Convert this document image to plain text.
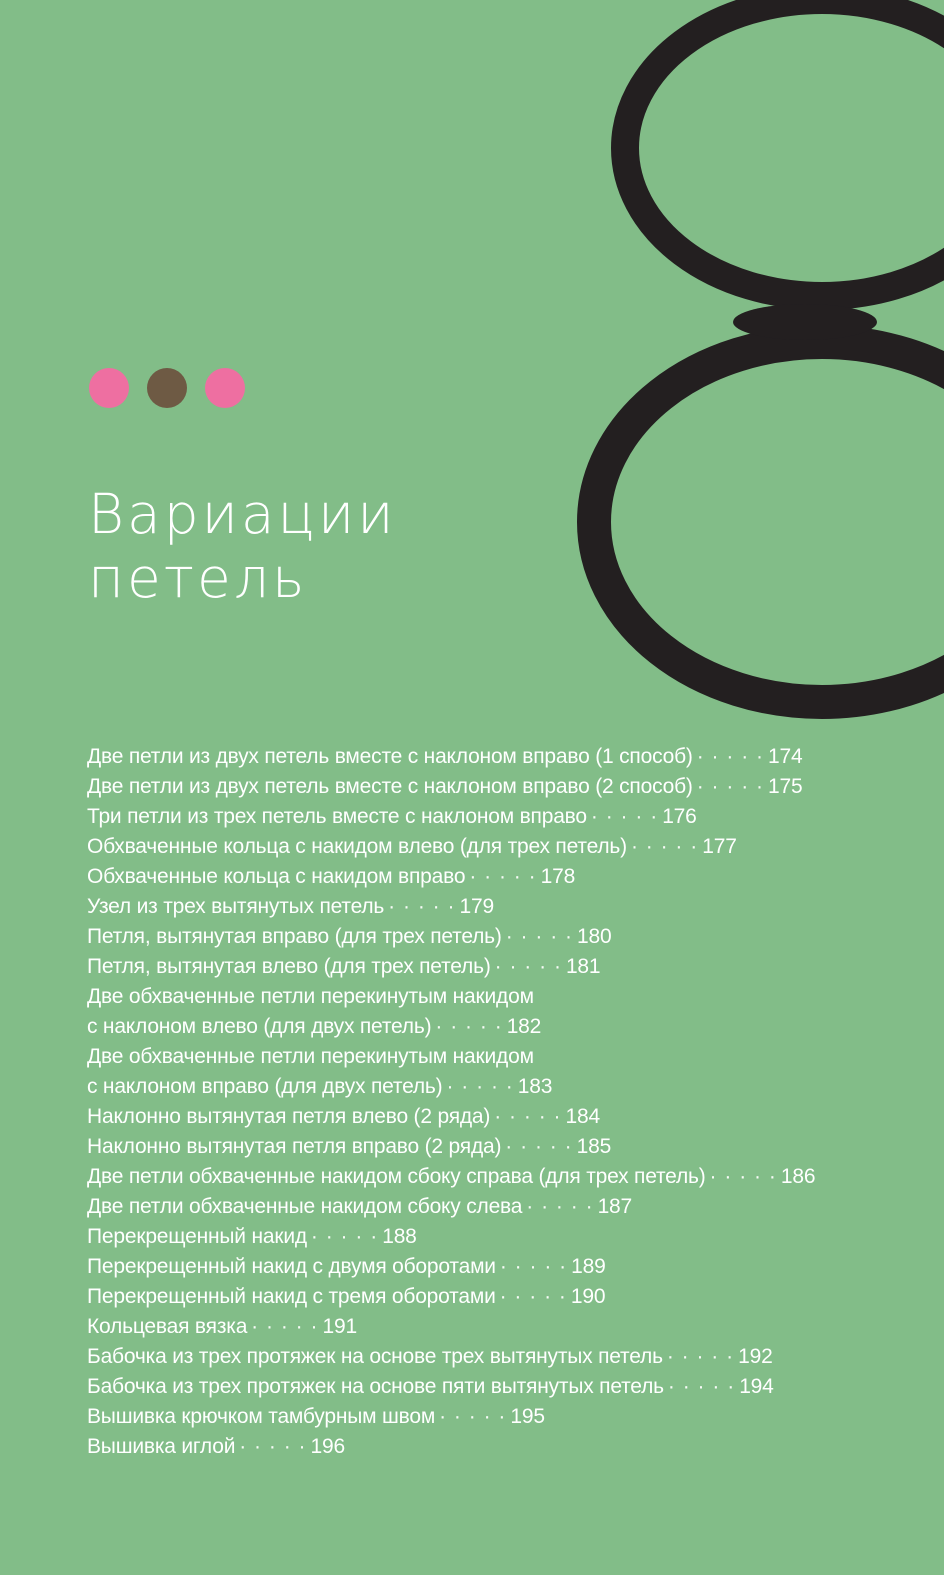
Вариации
петель
Две петли из двух петель вместе с наклоном вправо (1 способ) · · · · · 174
Две петли из двух петель вместе с наклоном вправо (2 способ) · · · · · 175
Три петли из трех петель вместе с наклоном вправо · · · · · 176
Обхваченные кольца с накидом влево (для трех петель) · · · · · 177
Обхваченные кольца с накидом вправо · · · · · 178
Узел из трех вытянутых петель · · · · · 179
Петля, вытянутая вправо (для трех петель) · · · · · 180
Петля, вытянутая влево (для трех петель) · · · · · 181
Две обхваченные петли перекинутым накидом
с наклоном влево (для двух петель) · · · · · 182
Две обхваченные петли перекинутым накидом
с наклоном вправо (для двух петель) · · · · · 183
Наклонно вытянутая петля влево (2 ряда) · · · · · 184
Наклонно вытянутая петля вправо (2 ряда) · · · · · 185
Две петли обхваченные накидом сбоку справа (для трех петель) · · · · · 186
Две петли обхваченные накидом сбоку слева · · · · · 187
Перекрещенный накид · · · · · 188
Перекрещенный накид с двумя оборотами · · · · · 189
Перекрещенный накид с тремя оборотами · · · · · 190
Кольцевая вязка · · · · · 191
Бабочка из трех протяжек на основе трех вытянутых петель · · · · · 192
Бабочка из трех протяжек на основе пяти вытянутых петель · · · · · 194
Вышивка крючком тамбурным швом · · · · · 195
Вышивка иглой · · · · · 196
